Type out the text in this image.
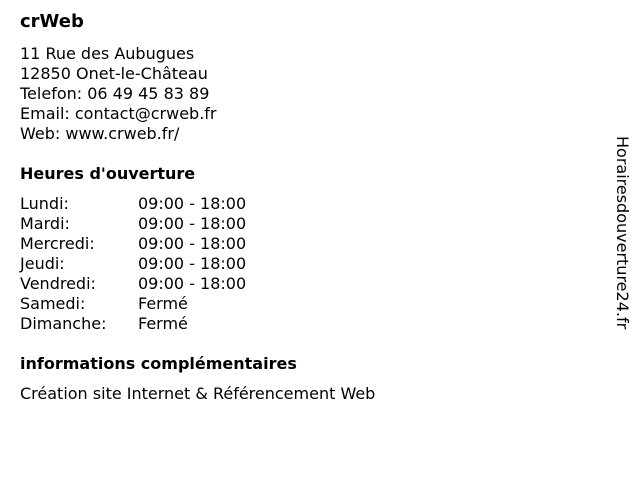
crWeb
11 Rue des Aubugues
12850 Onet-le-Château
Telefon: 06 49 45 83 89
Email: contact@crweb.fr
Web: www.crweb.fr/
Heures d'ouverture
Lundi:	09:00 - 18:00
Mardi:	09:00 - 18:00
Mercredi:	09:00 - 18:00
Jeudi:	09:00 - 18:00
Vendredi:	09:00 - 18:00
Samedi:	Fermé
Dimanche:	Fermé
informations complémentaires
Création site Internet & Référencement Web
Horairesdouverture24.fr
